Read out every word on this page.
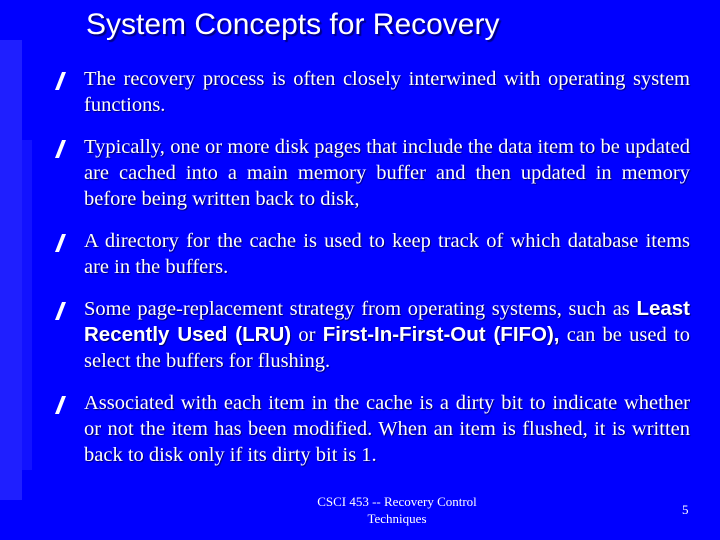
System Concepts for Recovery
The recovery process is often closely interwined with operating system functions.
Typically, one or more disk pages that include the data item to be updated are cached into a main memory buffer and then updated in memory before being written back to disk,
A directory for the cache is used to keep track of which database items are in the buffers.
Some page-replacement strategy from operating systems, such as Least Recently Used (LRU) or First-In-First-Out (FIFO), can be used to select the buffers for flushing.
Associated with each item in the cache is a dirty bit to indicate whether or not the item has been modified. When an item is flushed, it is written back to disk only if its dirty bit is 1.
CSCI 453 -- Recovery Control Techniques
5
